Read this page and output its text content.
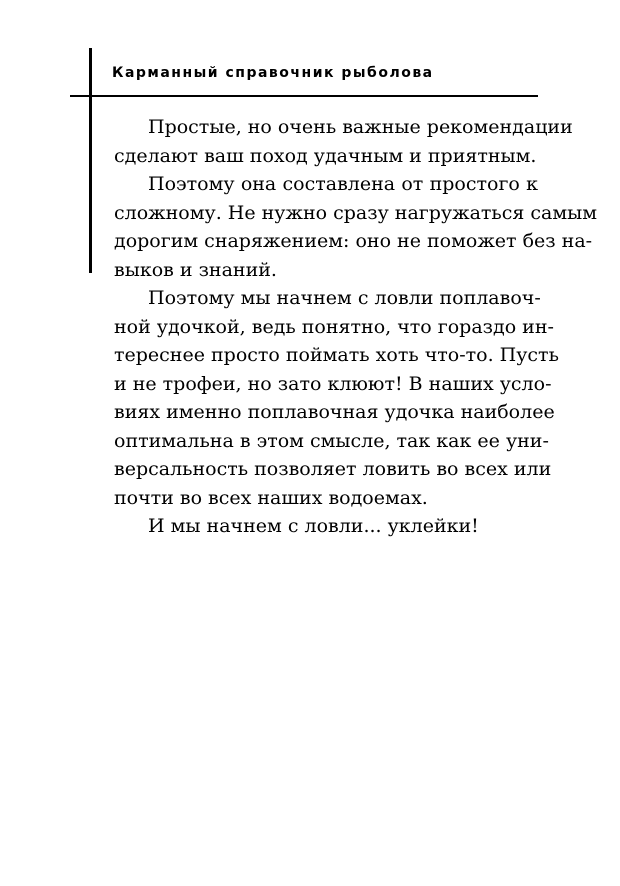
Карманный справочник рыболова
Простые, но очень важные рекомендации
сделают ваш поход удачным и приятным.
Поэтому она составлена от простого к
сложному. Не нужно сразу нагружаться самым
дорогим снаряжением: оно не поможет без на-
выков и знаний.
Поэтому мы начнем с ловли поплавоч-
ной удочкой, ведь понятно, что гораздо ин-
тереснее просто поймать хоть что-то. Пусть
и не трофеи, но зато клюют! В наших усло-
виях именно поплавочная удочка наиболее
оптимальна в этом смысле, так как ее уни-
версальность позволяет ловить во всех или
почти во всех наших водоемах.
И мы начнем с ловли... уклейки!
